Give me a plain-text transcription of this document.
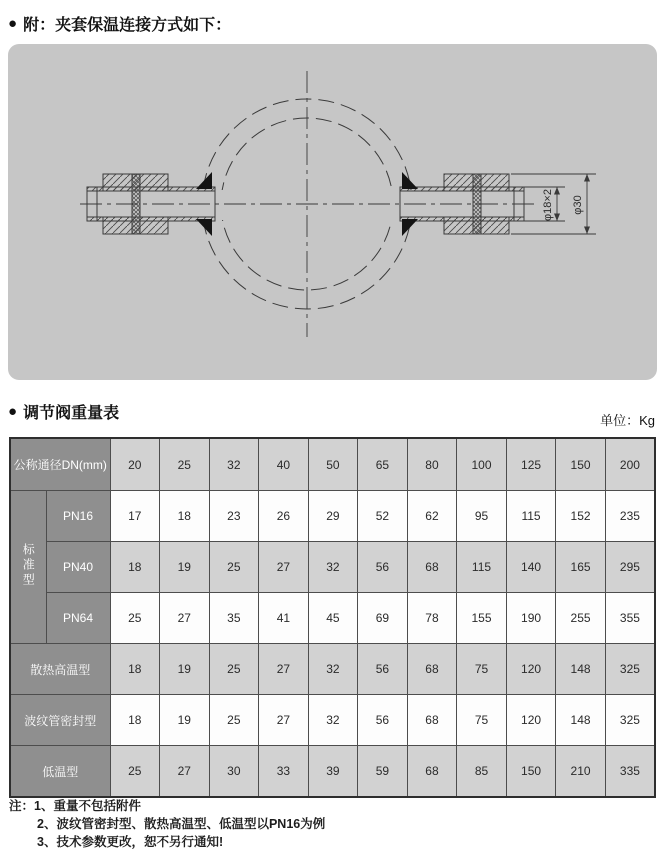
● 附：夹套保温连接方式如下：
φ18×2 φ30
● 调节阀重量表	单位：Kg
公称通径DN(mm)		20	25	32	40	50	65	80	100	125	150	200
标准型	PN16	17	18	23	26	29	52	62	95	115	152	235
	PN40	18	19	25	27	32	56	68	115	140	165	295
	PN64	25	27	35	41	45	69	78	155	190	255	355
散热高温型		18	19	25	27	32	56	68	75	120	148	325
波纹管密封型		18	19	25	27	32	56	68	75	120	148	325
低温型		25	27	30	33	39	59	68	85	150	210	335
注：1、重量不包括附件
2、波纹管密封型、散热高温型、低温型以PN16为例
3、技术参数更改，恕不另行通知!
